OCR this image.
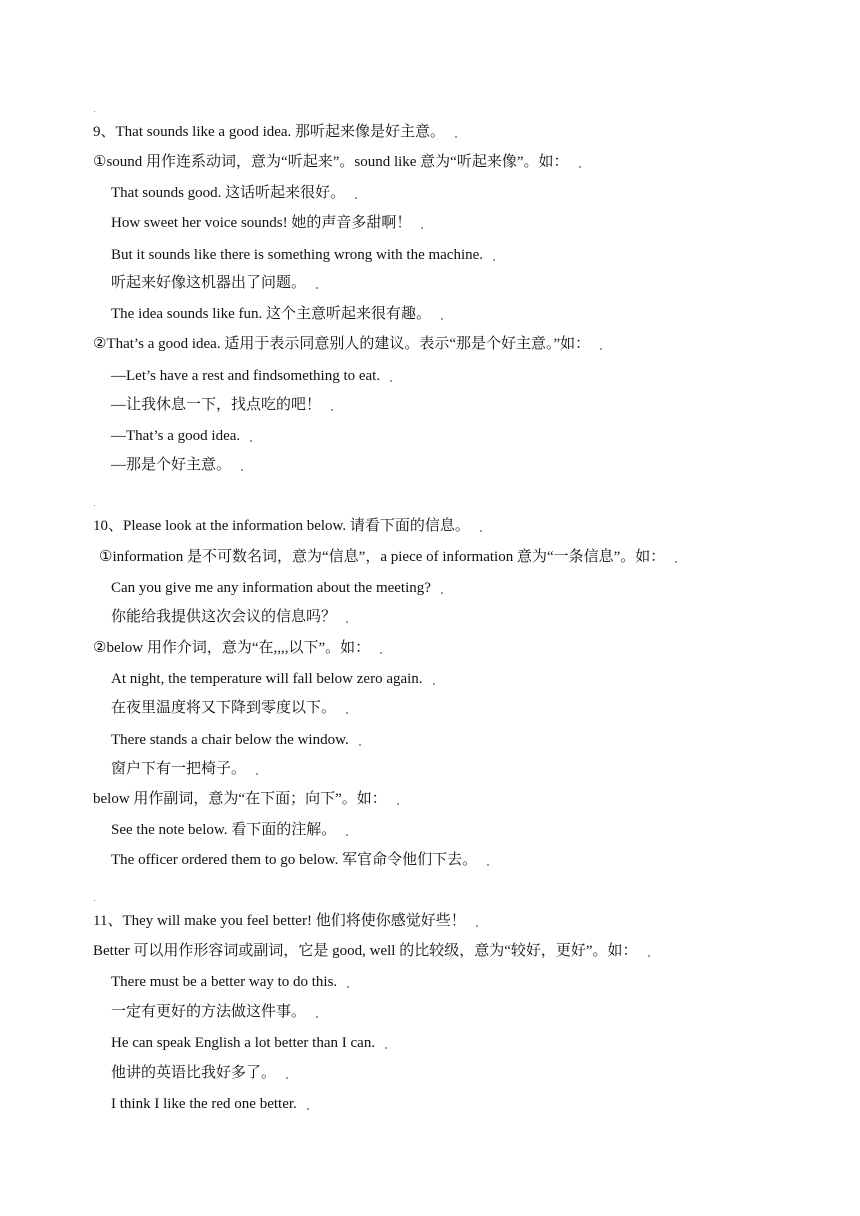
9、That sounds like a good idea. 那听起来像是好主意。
①sound 用作连系动词，意为“听起来”。sound like 意为“听起来像”。如：
That sounds good. 这话听起来很好。
How sweet her voice sounds! 她的声音多甜啊！
But it sounds like there is something wrong with the machine.
听起来好像这机器出了问题。
The idea sounds like fun. 这个主意听起来很有趣。
②That’s a good idea. 适用于表示同意别人的建议。表示“那是个好主意。”如：
—Let’s have a rest and findsomething to eat.
—让我休息一下，找点吃的吧！
—That’s a good idea.
—那是个好主意。
10、Please look at the information below. 请看下面的信息。
①information 是不可数名词，意为“信息”，a piece of information 意为“一条信息”。如：
Can you give me any information about the meeting?
你能给我提供这次会议的信息吗？
②below 用作介词，意为“在,,,,以下”。如：
At night, the temperature will fall below zero again.
在夜里温度将又下降到零度以下。
There stands a chair below the window.
窗户下有一把椅子。
below 用作副词，意为“在下面；向下”。如：
See the note below. 看下面的注解。
The officer ordered them to go below. 军官命令他们下去。
11、They will make you feel better! 他们将使你感觉好些！
Better 可以用作形容词或副词，它是 good, well 的比较级，意为“较好，更好”。如：
There must be a better way to do this.
一定有更好的方法做这件事。
He can speak English a lot better than I can.
他讲的英语比我好多了。
I think I like the red one better.
